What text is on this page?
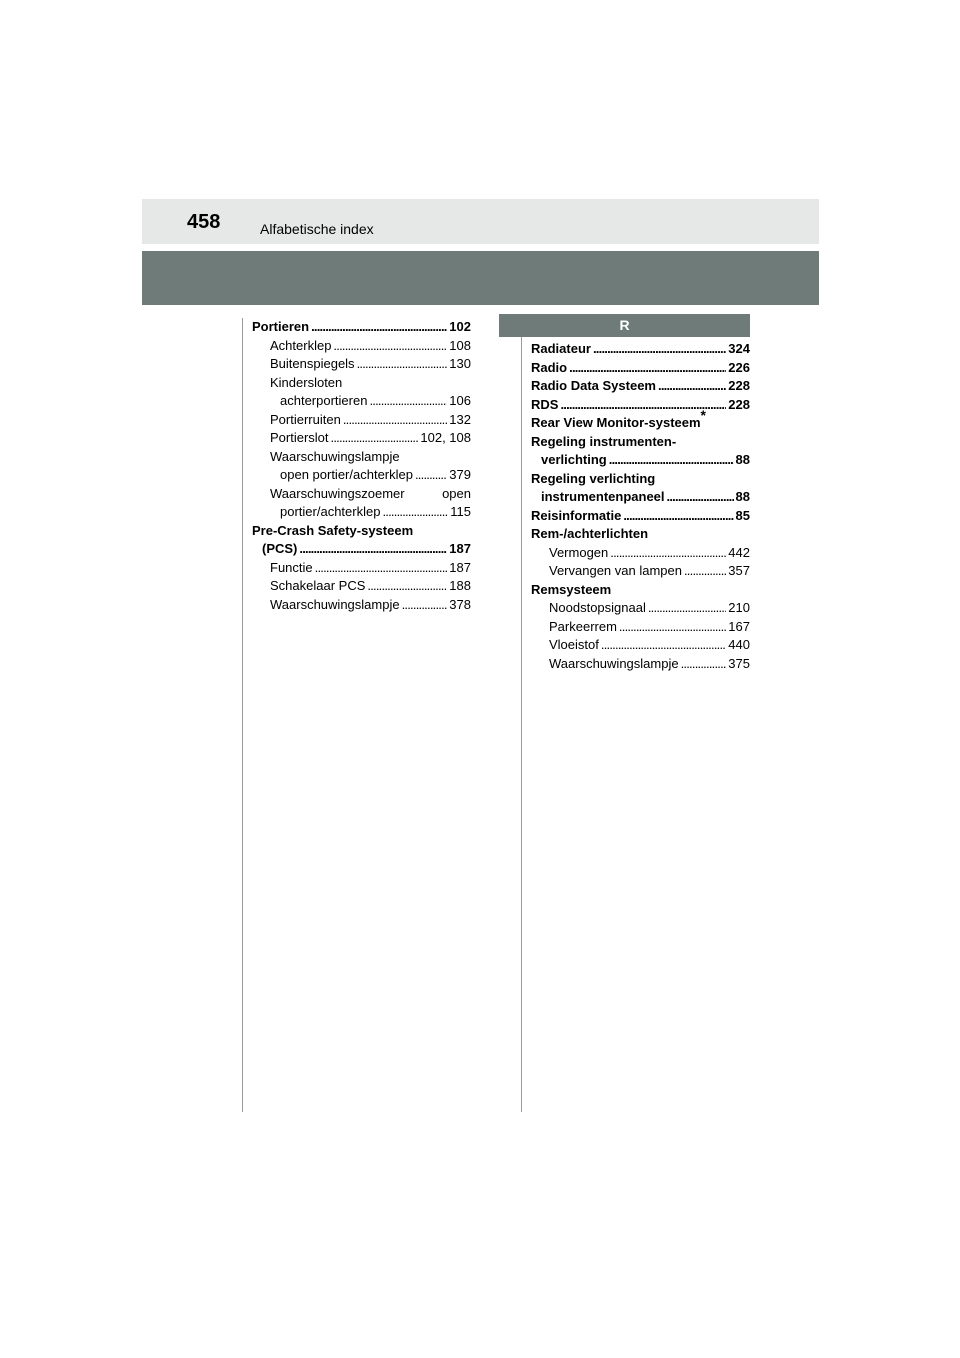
458	Alfabetische index
Portieren . . .	102
Achterklep . . .	108
Buitenspiegels . . .	130
Kindersloten
achterportieren . . .	106
Portierruiten . . .	132
Portierslot . . .	102, 108
Waarschuwingslampje
open portier/achterklep . . .	379
Waarschuwingszoemer	open
portier/achterklep . . .	115
Pre-Crash Safety-systeem
(PCS) . . .	187
Functie . . .	187
Schakelaar PCS . . .	188
Waarschuwingslampje . . .	378
R
Radiateur . . .	324
Radio . . .	226
Radio Data Systeem . . .	228
RDS . . .	228
Rear View Monitor-systeem*
Regeling instrumenten-
verlichting . . .	88
Regeling verlichting
instrumentenpaneel . . .	88
Reisinformatie . . .	85
Rem-/achterlichten
Vermogen . . .	442
Vervangen van lampen . . .	357
Remsysteem
Noodstopsignaal . . .	210
Parkeerrem . . .	167
Vloeistof . . .	440
Waarschuwingslampje . . .	375
